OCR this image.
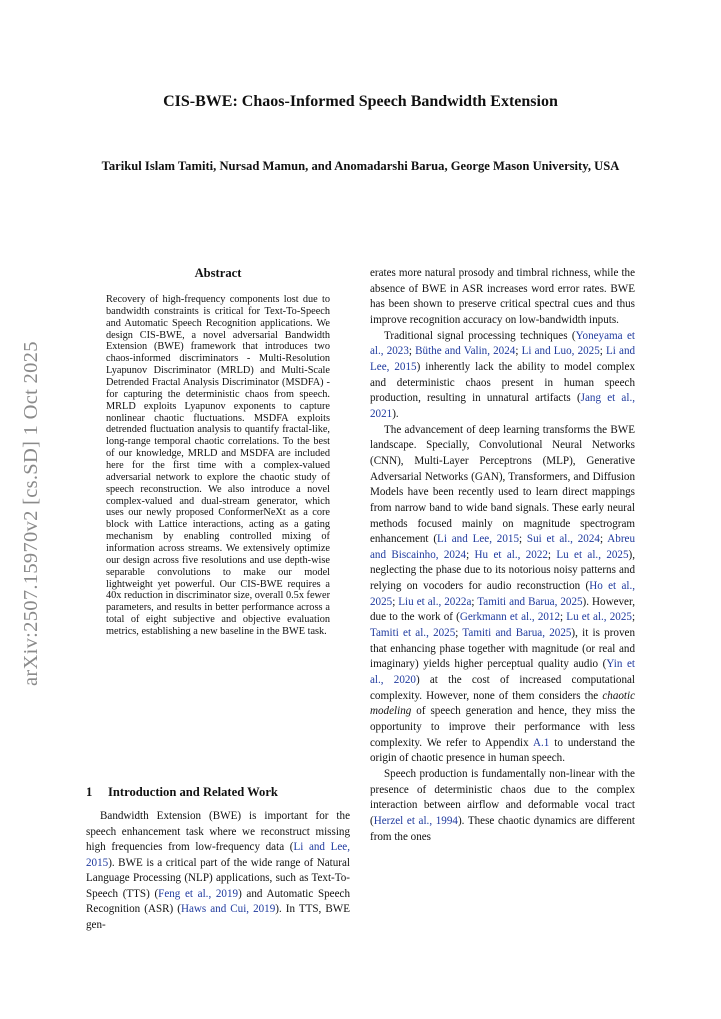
arXiv:2507.15970v2 [cs.SD] 1 Oct 2025
CIS-BWE: Chaos-Informed Speech Bandwidth Extension
Tarikul Islam Tamiti, Nursad Mamun, and Anomadarshi Barua, George Mason University, USA
Abstract
Recovery of high-frequency components lost due to bandwidth constraints is critical for Text-To-Speech and Automatic Speech Recognition applications. We design CIS-BWE, a novel adversarial Bandwidth Extension (BWE) framework that introduces two chaos-informed discriminators - Multi-Resolution Lyapunov Discriminator (MRLD) and Multi-Scale Detrended Fractal Analysis Discriminator (MSDFA) - for capturing the deterministic chaos from speech. MRLD exploits Lyapunov exponents to capture nonlinear chaotic fluctuations. MSDFA exploits detrended fluctuation analysis to quantify fractal-like, long-range temporal chaotic correlations. To the best of our knowledge, MRLD and MSDFA are included here for the first time with a complex-valued adversarial network to explore the chaotic study of speech reconstruction. We also introduce a novel complex-valued and dual-stream generator, which uses our newly proposed ConformerNeXt as a core block with Lattice interactions, acting as a gating mechanism by enabling controlled mixing of information across streams. We extensively optimize our design across five resolutions and use depth-wise separable convolutions to make our model lightweight yet powerful. Our CIS-BWE requires a 40x reduction in discriminator size, overall 0.5x fewer parameters, and results in better performance across a total of eight subjective and objective evaluation metrics, establishing a new baseline in the BWE task.
1 Introduction and Related Work

Bandwidth Extension (BWE) is important for the speech enhancement task where we reconstruct missing high frequencies from low-frequency data (Li and Lee, 2015). BWE is a critical part of the wide range of Natural Language Processing (NLP) applications, such as Text-To-Speech (TTS) (Feng et al., 2019) and Automatic Speech Recognition (ASR) (Haws and Cui, 2019). In TTS, BWE gen-

erates more natural prosody and timbral richness, while the absence of BWE in ASR increases word error rates. BWE has been shown to preserve critical spectral cues and thus improve recognition accuracy on low-bandwidth inputs.

Traditional signal processing techniques (Yoneyama et al., 2023; Büthe and Valin, 2024; Li and Luo, 2025; Li and Lee, 2015) inherently lack the ability to model complex and deterministic chaos present in human speech production, resulting in unnatural artifacts (Jang et al., 2021).

The advancement of deep learning transforms the BWE landscape. Specially, Convolutional Neural Networks (CNN), Multi-Layer Perceptrons (MLP), Generative Adversarial Networks (GAN), Transformers, and Diffusion Models have been recently used to learn direct mappings from narrow band to wide band signals. These early neural methods focused mainly on magnitude spectrogram enhancement (Li and Lee, 2015; Sui et al., 2024; Abreu and Biscainho, 2024; Hu et al., 2022; Lu et al., 2025), neglecting the phase due to its notorious noisy patterns and relying on vocoders for audio reconstruction (Ho et al., 2025; Liu et al., 2022a; Tamiti and Barua, 2025). However, due to the work of (Gerkmann et al., 2012; Lu et al., 2025; Tamiti et al., 2025; Tamiti and Barua, 2025), it is proven that enhancing phase together with magnitude (or real and imaginary) yields higher perceptual quality audio (Yin et al., 2020) at the cost of increased computational complexity. However, none of them considers the chaotic modeling of speech generation and hence, they miss the opportunity to improve their performance with less complexity. We refer to Appendix A.1 to understand the origin of chaotic presence in human speech.

Speech production is fundamentally non-linear with the presence of deterministic chaos due to the complex interaction between airflow and deformable vocal tract (Herzel et al., 1994). These chaotic dynamics are different from the ones
